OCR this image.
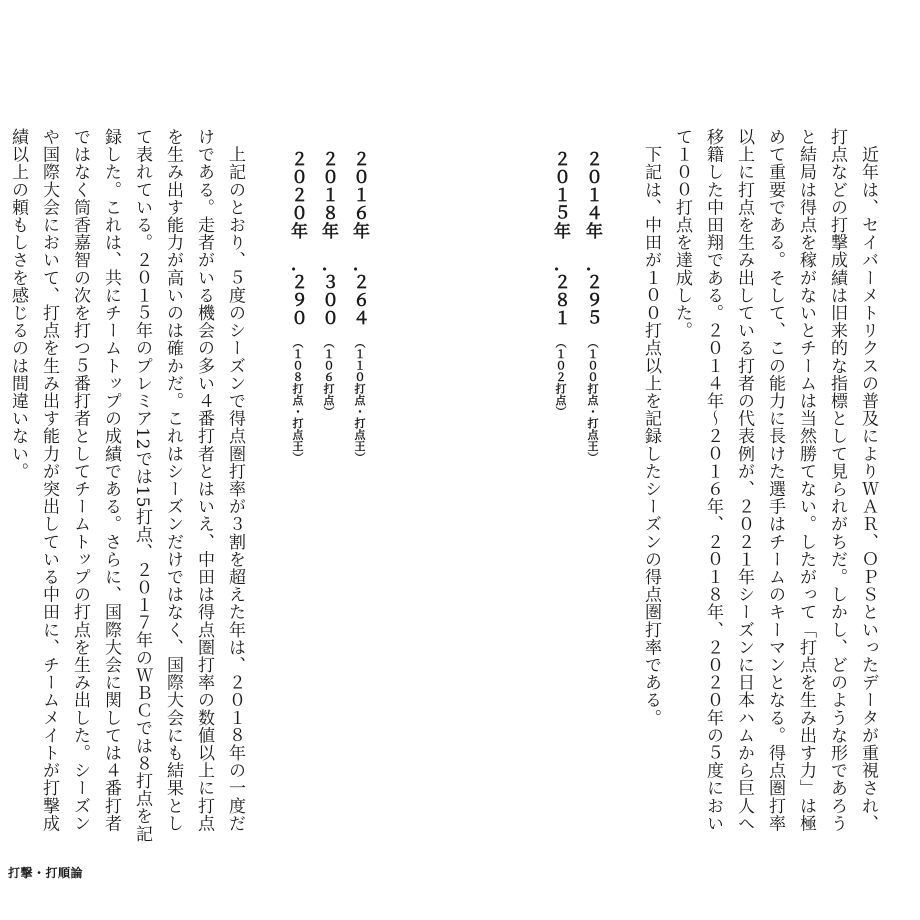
　近年は、セイバーメトリクスの普及によりＷＡＲ、ＯＰＳといったデータが重視され、

打点などの打撃成績は旧来的な指標として見られがちだ。しかし、どのような形であろう

と結局は得点を稼がないとチームは当然勝てない。したがって「打点を生み出す力」は極

めて重要である。そして、この能力に長けた選手はチームのキーマンとなる。得点圏打率

以上に打点を生み出している打者の代表例が、２０２１年シーズンに日本ハムから巨人へ

移籍した中田翔である。２０１４年〜２０１６年、２０１８年、２０２０年の５度におい

て１００打点を達成した。

　下記は、中田が１００打点以上を記録したシーズンの得点圏打率である。

２０１４年.２９５（１００打点・打点王）
２０１５年.２８１（１０２打点）
２０１６年.２６４（１１０打点・打点王）
２０１８年.３００（１０６打点）
２０２０年.２９０（１０８打点・打点王）

　上記のとおり、５度のシーズンで得点圏打率が３割を超えた年は、２０１８年の一度だ

けである。走者がいる機会の多い４番打者とはいえ、中田は得点圏打率の数値以上に打点

を生み出す能力が高いのは確かだ。これはシーズンだけではなく、国際大会にも結果とし

て表れている。２０１５年のプレミア12では15打点、２０１７年のＷＢＣでは８打点を記

録した。これは、共にチームトップの成績である。さらに、国際大会に関しては４番打者

ではなく筒香嘉智の次を打つ５番打者としてチームトップの打点を生み出した。シーズン

や国際大会において、打点を生み出す能力が突出している中田に、チームメイトが打撃成

績以上の頼もしさを感じるのは間違いない。

打撃・打順論
